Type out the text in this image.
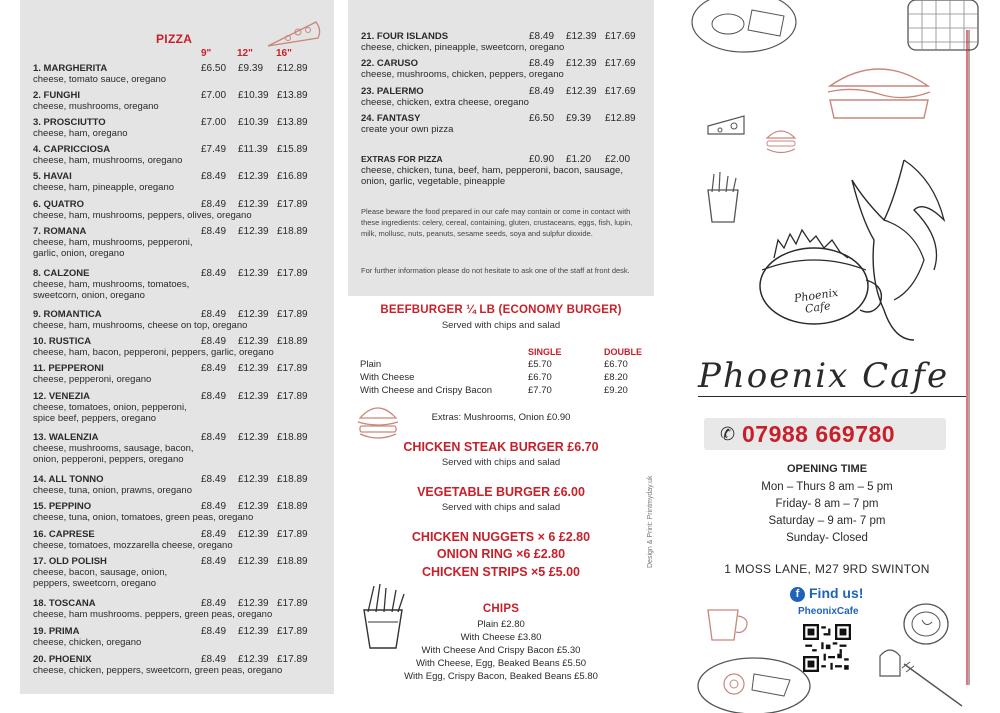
PIZZA
9"	12" 16"
1. MARGHERITA	£6.50 £9.39 £12.89
cheese, tomato sauce, oregano
2. FUNGHI	£7.00 £10.39 £13.89
cheese, mushrooms, oregano
3. PROSCIUTTO	£7.00 £10.39 £13.89
cheese, ham, oregano
4. CAPRICCIOSA	£7.49 £11.39 £15.89
cheese, ham, mushrooms, oregano
5. HAVAI	£8.49 £12.39 £16.89
cheese, ham, pineapple, oregano
6. QUATRO	£8.49 £12.39 £17.89
cheese, ham, mushrooms, peppers, olives, oregano
7. ROMANA	£8.49 £12.39 £18.89
cheese, ham, mushrooms, pepperoni, garlic, onion, oregano
8. CALZONE	£8.49 £12.39 £17.89
cheese, ham, mushrooms, tomatoes, sweetcorn, onion, oregano
9. ROMANTICA	£8.49 £12.39 £17.89
cheese, ham, mushrooms, cheese on top, oregano
10. RUSTICA	£8.49 £12.39 £18.89
cheese, ham, bacon, pepperoni, peppers, garlic, oregano
11. PEPPERONI	£8.49 £12.39 £17.89
cheese, pepperoni, oregano
12. VENEZIA	£8.49 £12.39 £17.89
cheese, tomatoes, onion, pepperoni, spice beef, peppers, oregano
13. WALENZIA	£8.49 £12.39 £18.89
cheese, mushrooms, sausage, bacon, onion, pepperoni, peppers, oregano
14. ALL TONNO	£8.49 £12.39 £18.89
cheese, tuna, onion, prawns, oregano
15. PEPPINO	£8.49 £12.39 £18.89
cheese, tuna, onion, tomatoes, green peas, oregano
16. CAPRESE	£8.49 £12.39 £17.89
cheese, tomatoes, mozzarella cheese, oregano
17. OLD POLISH	£8.49 £12.39 £18.89
cheese, bacon, sausage, onion, peppers, sweetcorn, oregano
18. TOSCANA	£8.49 £12.39 £17.89
cheese, ham mushrooms. peppers, green peas, oregano
19. PRIMA	£8.49 £12.39 £17.89
cheese, chicken, oregano
20. PHOENIX	£8.49 £12.39 £17.89
cheese, chicken, peppers, sweetcorn, green peas, oregano
21. FOUR ISLANDS	£8.49 £12.39 £17.69
cheese, chicken, pineapple, sweetcorn, oregano
22. CARUSO	£8.49 £12.39 £17.69
cheese, mushrooms, chicken, peppers, oregano
23. PALERMO	£8.49 £12.39 £17.69
cheese, chicken, extra cheese, oregano
24. FANTASY	£6.50 £9.39 £12.89
create your own pizza
EXTRAS FOR PIZZA	£0.90 £1.20 £2.00
cheese, chicken, tuna, beef, ham, pepperoni, bacon, sausage, onion, garlic, vegetable, pineapple
Please beware the food prepared in our cafe may contain or come in contact with these ingredients: celery, cereal, containing, gluten, crustaceans, eggs, fish, lupin, milk, mollusc, nuts, peanuts, sesame seeds, soya and sulpfur dioxide.
For further information please do not hesitate to ask one of the staff at front desk.
BEEFBURGER ¼ LB (ECONOMY BURGER)
Served with chips and salad
SINGLE	DOUBLE
Plain	£5.70	£6.70
With Cheese	£6.70	£8.20
With Cheese and Crispy Bacon	£7.70	£9.20
Extras: Mushrooms, Onion £0.90
CHICKEN STEAK BURGER £6.70
Served with chips and salad
VEGETABLE BURGER £6.00
Served with chips and salad
CHICKEN NUGGETS × 6 £2.80
ONION RING ×6 £2.80
CHICKEN STRIPS ×5 £5.00
CHIPS
Plain £2.80
With Cheese £3.80
With Cheese And Crispy Bacon £5.30
With Cheese, Egg, Beaked Beans £5.50
With Egg, Crispy Bacon, Beaked Beans £5.80
Design & Print: Printmyday.uk
Phoenix Cafe
Phoenix Cafe
✆ 07988 669780
OPENING TIME
Mon – Thurs 8 am – 5 pm
Friday- 8 am – 7 pm
Saturday – 9 am- 7 pm
Sunday- Closed
1 MOSS LANE, M27 9RD SWINTON
f Find us!
PheonixCafe
